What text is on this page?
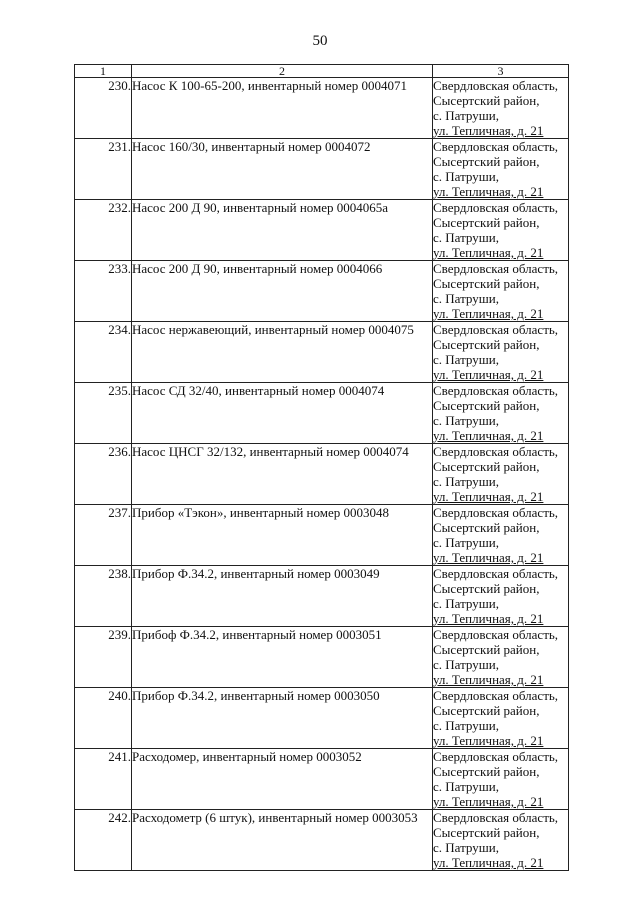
50
1	2	3
230.	Насос К 100-65-200, инвентарный номер 0004071	Свердловская область,
Сысертский район,
с. Патруши,
ул. Тепличная, д. 21

231.	Насос 160/30, инвентарный номер 0004072	Свердловская область,
Сысертский район,
с. Патруши,
ул. Тепличная, д. 21

232.	Насос 200 Д 90, инвентарный номер 0004065а	Свердловская область,
Сысертский район,
с. Патруши,
ул. Тепличная, д. 21

233.	Насос 200 Д 90, инвентарный номер 0004066	Свердловская область,
Сысертский район,
с. Патруши,
ул. Тепличная, д. 21

234.	Насос нержавеющий, инвентарный номер 0004075	Свердловская область,
Сысертский район,
с. Патруши,
ул. Тепличная, д. 21

235.	Насос СД 32/40, инвентарный номер 0004074	Свердловская область,
Сысертский район,
с. Патруши,
ул. Тепличная, д. 21

236.	Насос ЦНСГ 32/132, инвентарный номер 0004074	Свердловская область,
Сысертский район,
с. Патруши,
ул. Тепличная, д. 21

237.	Прибор «Тэкон», инвентарный номер 0003048	Свердловская область,
Сысертский район,
с. Патруши,
ул. Тепличная, д. 21

238.	Прибор Ф.34.2, инвентарный номер 0003049	Свердловская область,
Сысертский район,
с. Патруши,
ул. Тепличная, д. 21

239.	Прибоф Ф.34.2, инвентарный номер 0003051	Свердловская область,
Сысертский район,
с. Патруши,
ул. Тепличная, д. 21

240.	Прибор Ф.34.2, инвентарный номер 0003050	Свердловская область,
Сысертский район,
с. Патруши,
ул. Тепличная, д. 21

241.	Расходомер, инвентарный номер 0003052	Свердловская область,
Сысертский район,
с. Патруши,
ул. Тепличная, д. 21

242.	Расходометр (6 штук), инвентарный номер 0003053	Свердловская область,
Сысертский район,
с. Патруши,
ул. Тепличная, д. 21
